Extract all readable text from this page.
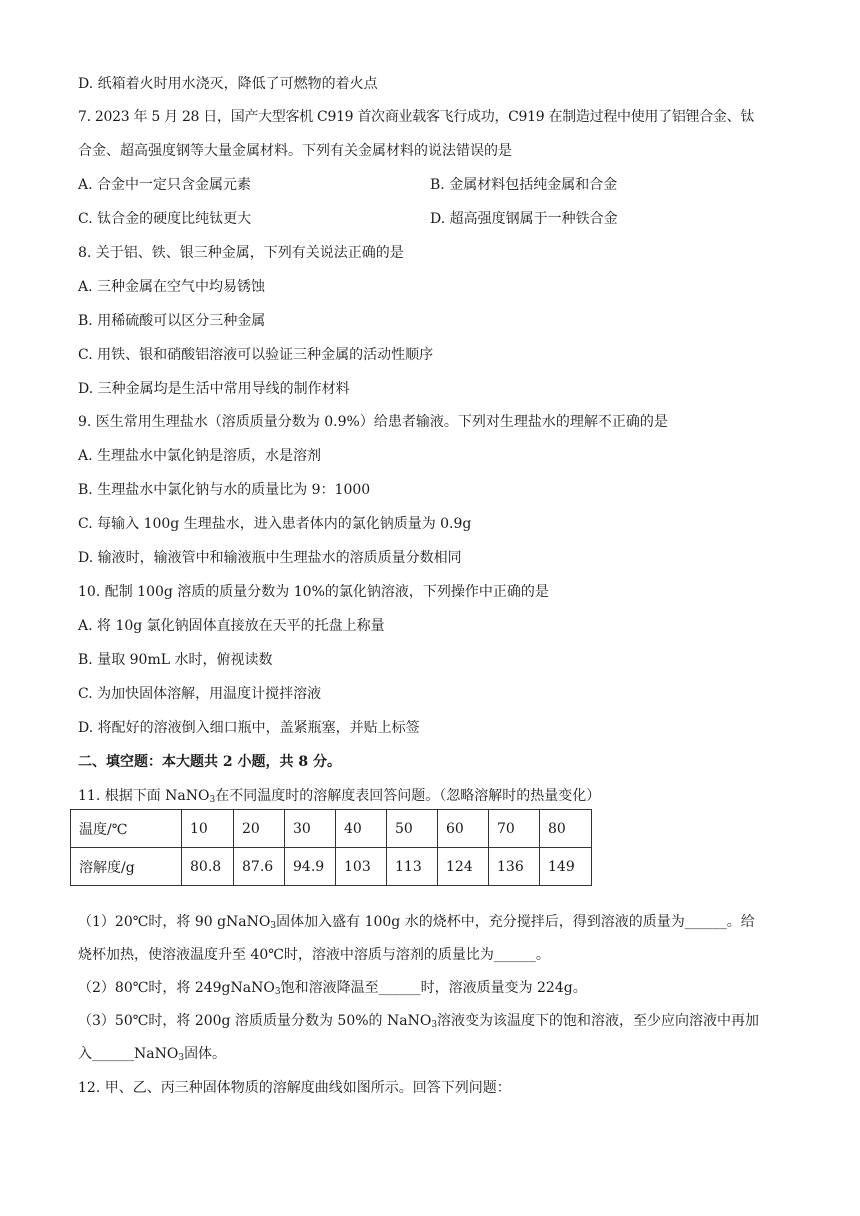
D. 纸箱着火时用水浇灭，降低了可燃物的着火点
7. 2023 年 5 月 28 日，国产大型客机 C919 首次商业载客飞行成功，C919 在制造过程中使用了铝锂合金、钛
合金、超高强度钢等大量金属材料。下列有关金属材料的说法错误的是
A. 合金中一定只含金属元素	B. 金属材料包括纯金属和合金
C. 钛合金的硬度比纯钛更大	D. 超高强度钢属于一种铁合金
8. 关于铝、铁、银三种金属，下列有关说法正确的是
A. 三种金属在空气中均易锈蚀
B. 用稀硫酸可以区分三种金属
C. 用铁、银和硝酸铝溶液可以验证三种金属的活动性顺序
D. 三种金属均是生活中常用导线的制作材料
9. 医生常用生理盐水（溶质质量分数为 0.9%）给患者输液。下列对生理盐水的理解不正确的是
A. 生理盐水中氯化钠是溶质，水是溶剂
B. 生理盐水中氯化钠与水的质量比为 9：1000
C. 每输入 100g 生理盐水，进入患者体内的氯化钠质量为 0.9g
D. 输液时，输液管中和输液瓶中生理盐水的溶质质量分数相同
10. 配制 100g 溶质的质量分数为 10%的氯化钠溶液，下列操作中正确的是
A. 将 10g 氯化钠固体直接放在天平的托盘上称量
B. 量取 90mL 水时，俯视读数
C. 为加快固体溶解，用温度计搅拌溶液
D. 将配好的溶液倒入细口瓶中，盖紧瓶塞，并贴上标签
二、填空题：本大题共 2 小题，共 8 分。
11. 根据下面 NaNO$_3$在不同温度时的溶解度表回答问题。（忽略溶解时的热量变化）
温度/℃	10	20	30	40	50	60	70	80
溶解度/g	80.8	87.6	94.9	103	113	124	136	149
（1）20℃时，将 90 gNaNO$_3$固体加入盛有 100g 水的烧杯中，充分搅拌后，得到溶液的质量为______。给
烧杯加热，使溶液温度升至 40℃时，溶液中溶质与溶剂的质量比为______。
（2）80℃时，将 249gNaNO$_3$饱和溶液降温至______时，溶液质量变为 224g。
（3）50℃时，将 200g 溶质质量分数为 50%的 NaNO$_3$溶液变为该温度下的饱和溶液，至少应向溶液中再加
入______NaNO$_3$固体。
12. 甲、乙、丙三种固体物质的溶解度曲线如图所示。回答下列问题：
